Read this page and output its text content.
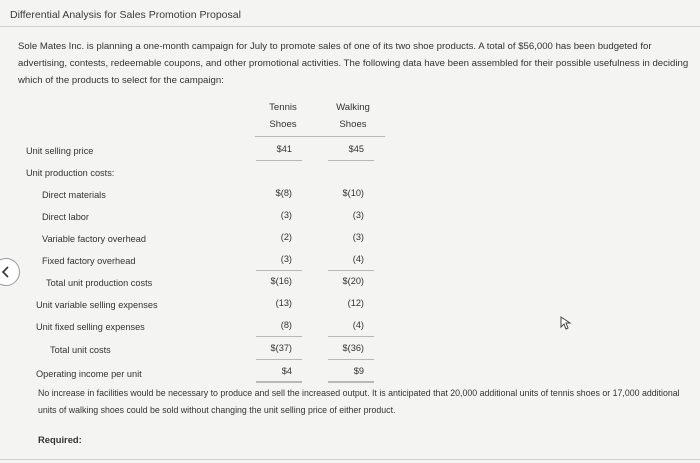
Differential Analysis for Sales Promotion Proposal
Sole Mates Inc. is planning a one-month campaign for July to promote sales of one of its two shoe products. A total of $56,000 has been budgeted for advertising, contests, redeemable coupons, and other promotional activities. The following data have been assembled for their possible usefulness in deciding which of the products to select for the campaign:
Tennis
Shoes
Walking
Shoes
Unit selling price	$41	$45
Unit production costs:
Direct materials	$(8)	$(10)
Direct labor	(3)	(3)
Variable factory overhead	(2)	(3)
Fixed factory overhead	(3)	(4)
Total unit production costs	$(16)	$(20)
Unit variable selling expenses	(13)	(12)
Unit fixed selling expenses	(8)	(4)
Total unit costs	$(37)	$(36)
Operating income per unit	$4	$9
No increase in facilities would be necessary to produce and sell the increased output. It is anticipated that 20,000 additional units of tennis shoes or 17,000 additional units of walking shoes could be sold without changing the unit selling price of either product.
Required:
